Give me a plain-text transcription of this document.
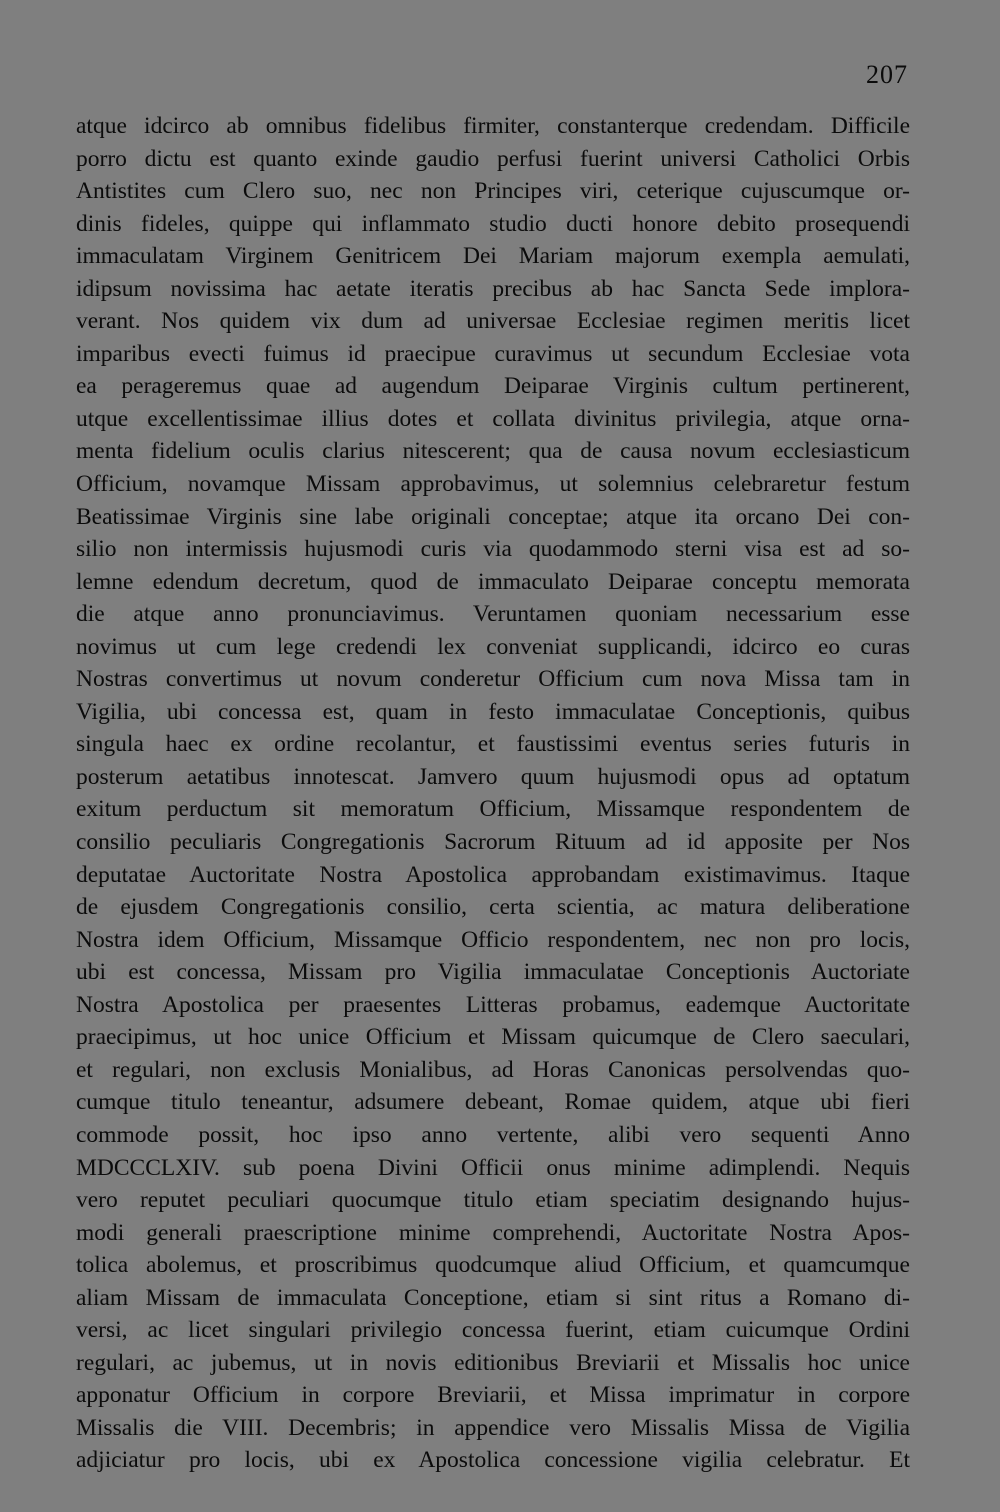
207
atque idcirco ab omnibus fidelibus firmiter, constanterque credendam. Difficile
porro dictu est quanto exinde gaudio perfusi fuerint universi Catholici Orbis
Antistites cum Clero suo, nec non Principes viri, ceterique cujuscumque or-
dinis fideles, quippe qui inflammato studio ducti honore debito prosequendi
immaculatam Virginem Genitricem Dei Mariam majorum exempla aemulati,
idipsum novissima hac aetate iteratis precibus ab hac Sancta Sede implora-
verant. Nos quidem vix dum ad universae Ecclesiae regimen meritis licet
imparibus evecti fuimus id praecipue curavimus ut secundum Ecclesiae vota
ea perageremus quae ad augendum Deiparae Virginis cultum pertinerent,
utque excellentissimae illius dotes et collata divinitus privilegia, atque orna-
menta fidelium oculis clarius nitescerent; qua de causa novum ecclesiasticum
Officium, novamque Missam approbavimus, ut solemnius celebraretur festum
Beatissimae Virginis sine labe originali conceptae; atque ita orcano Dei con-
silio non intermissis hujusmodi curis via quodammodo sterni visa est ad so-
lemne edendum decretum, quod de immaculato Deiparae conceptu memorata
die atque anno pronunciavimus. Veruntamen quoniam necessarium esse
novimus ut cum lege credendi lex conveniat supplicandi, idcirco eo curas
Nostras convertimus ut novum conderetur Officium cum nova Missa tam in
Vigilia, ubi concessa est, quam in festo immaculatae Conceptionis, quibus
singula haec ex ordine recolantur, et faustissimi eventus series futuris in
posterum aetatibus innotescat. Jamvero quum hujusmodi opus ad optatum
exitum perductum sit memoratum Officium, Missamque respondentem de
consilio peculiaris Congregationis Sacrorum Rituum ad id apposite per Nos
deputatae Auctoritate Nostra Apostolica approbandam existimavimus. Itaque
de ejusdem Congregationis consilio, certa scientia, ac matura deliberatione
Nostra idem Officium, Missamque Officio respondentem, nec non pro locis,
ubi est concessa, Missam pro Vigilia immaculatae Conceptionis Auctoriate
Nostra Apostolica per praesentes Litteras probamus, eademque Auctoritate
praecipimus, ut hoc unice Officium et Missam quicumque de Clero saeculari,
et regulari, non exclusis Monialibus, ad Horas Canonicas persolvendas quo-
cumque titulo teneantur, adsumere debeant, Romae quidem, atque ubi fieri
commode possit, hoc ipso anno vertente, alibi vero sequenti Anno
MDCCCLXIV. sub poena Divini Officii onus minime adimplendi. Nequis
vero reputet peculiari quocumque titulo etiam speciatim designando hujus-
modi generali praescriptione minime comprehendi, Auctoritate Nostra Apos-
tolica abolemus, et proscribimus quodcumque aliud Officium, et quamcumque
aliam Missam de immaculata Conceptione, etiam si sint ritus a Romano di-
versi, ac licet singulari privilegio concessa fuerint, etiam cuicumque Ordini
regulari, ac jubemus, ut in novis editionibus Breviarii et Missalis hoc unice
apponatur Officium in corpore Breviarii, et Missa imprimatur in corpore
Missalis die VIII. Decembris; in appendice vero Missalis Missa de Vigilia
adjiciatur pro locis, ubi ex Apostolica concessione vigilia celebratur. Et
